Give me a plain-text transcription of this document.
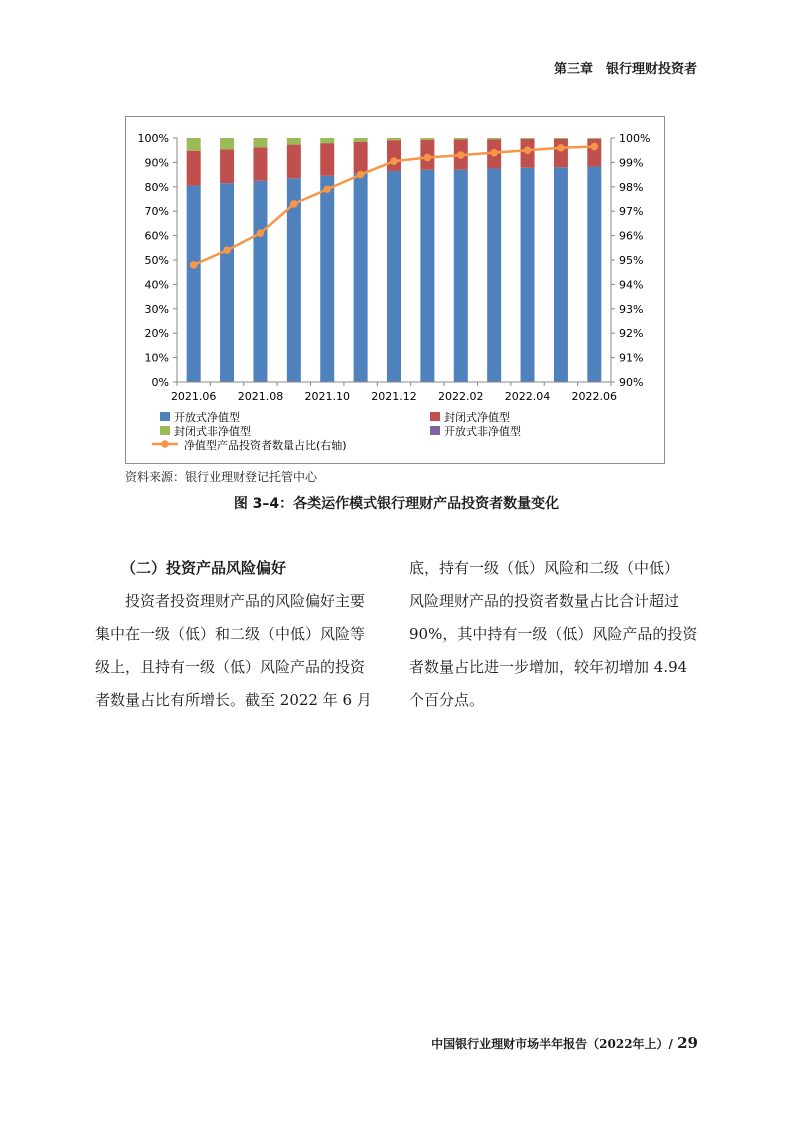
第三章　银行理财投资者
0%
10%
20%
30%
40%
50%
60%
70%
80%
90%
100%
90%
91%
92%
93%
94%
95%
96%
97%
98%
99%
100%
2021.06 2021.08 2021.10 2021.12 2022.02 2022.04 2022.06
开放式净值型	封闭式净值型
封闭式非净值型	开放式非净值型
净值型产品投资者数量占比(右轴)
资料来源：银行业理财登记托管中心
图 3–4：各类运作模式银行理财产品投资者数量变化
（二）投资产品风险偏好

投资者投资理财产品的风险偏好主要

集中在一级（低）和二级（中低）风险等

级上，且持有一级（低）风险产品的投资

者数量占比有所增长。截至 2022 年 6 月

底，持有一级（低）风险和二级（中低）

风险理财产品的投资者数量占比合计超过

90%，其中持有一级（低）风险产品的投资

者数量占比进一步增加，较年初增加 4.94

个百分点。

中国银行业理财市场半年报告（2022年上）/ 29
